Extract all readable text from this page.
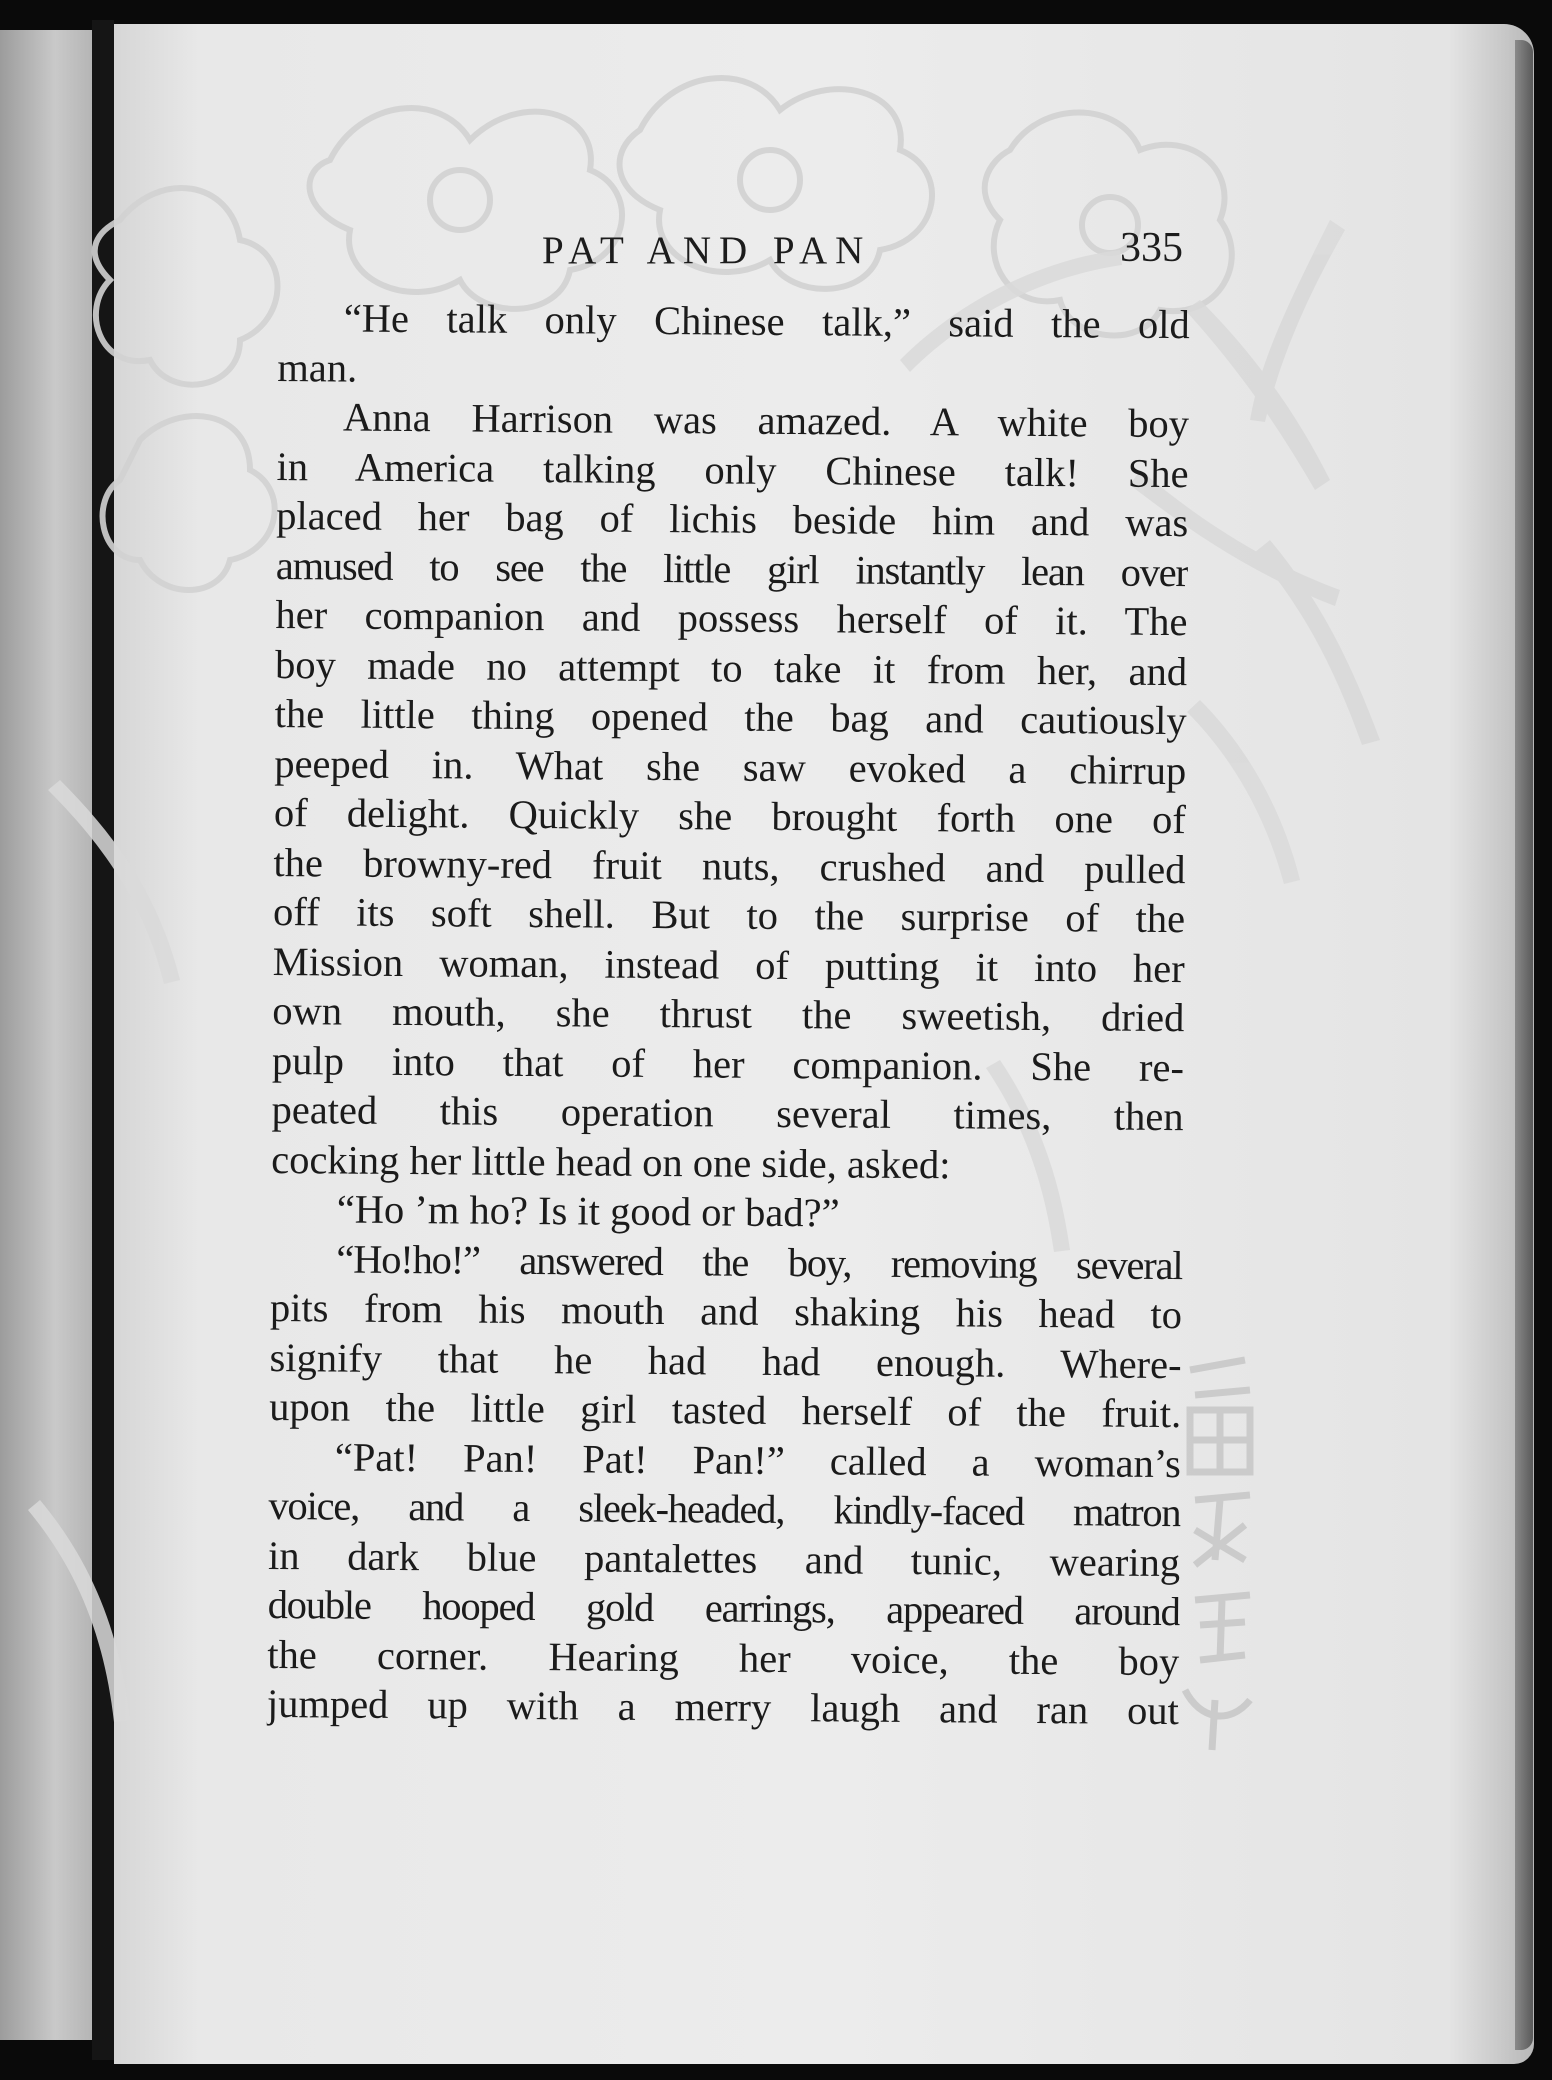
PAT AND PAN	335
“He talk only Chinese talk,” said the old
man.
Anna Harrison was amazed. A white boy
in America talking only Chinese talk! She
placed her bag of lichis beside him and was
amused to see the little girl instantly lean over
her companion and possess herself of it. The
boy made no attempt to take it from her, and
the little thing opened the bag and cautiously
peeped in. What she saw evoked a chirrup
of delight. Quickly she brought forth one of
the browny-red fruit nuts, crushed and pulled
off its soft shell. But to the surprise of the
Mission woman, instead of putting it into her
own mouth, she thrust the sweetish, dried
pulp into that of her companion. She re-
peated this operation several times, then
cocking her little head on one side, asked:
“Ho ’m ho? Is it good or bad?”
“Ho!ho!” answered the boy, removing several
pits from his mouth and shaking his head to
signify that he had had enough. Where-
upon the little girl tasted herself of the fruit.
“Pat! Pan! Pat! Pan!” called a woman’s
voice, and a sleek-headed, kindly-faced matron
in dark blue pantalettes and tunic, wearing
double hooped gold earrings, appeared around
the corner. Hearing her voice, the boy
jumped up with a merry laugh and ran out
